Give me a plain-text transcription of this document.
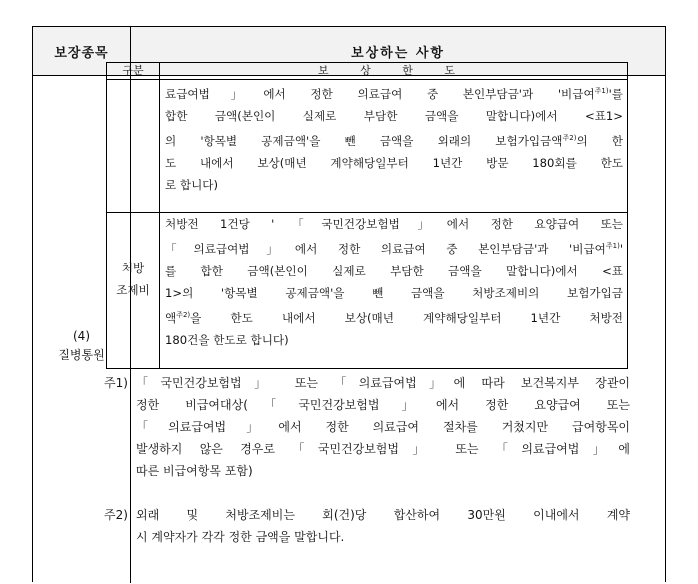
보장종목	보상하는 사항
(4)
질병통원
구분	보 상 한 도
료급여법」에서 정한 의료급여 중 본인부담금'과 '비급여$^{주1)}$'를
합한 금액(본인이 실제로 부담한 금액을 말합니다)에서 <표1>
의 '항목별 공제금액'을 뺀 금액을 외래의 보험가입금액$^{주2)}$의 한
도 내에서 보상(매년 계약해당일부터 1년간 방문 180회를 한도
로 합니다)
처방
조제비
처방전 1건당 '「국민건강보험법」에서 정한 요양급여 또는
「의료급여법」에서 정한 의료급여 중 본인부담금'과 '비급여$^{주1)}$'
를 합한 금액(본인이 실제로 부담한 금액을 말합니다)에서 <표
1>의 '항목별 공제금액'을 뺀 금액을 처방조제비의 보험가입금
액$^{주2)}$을 한도 내에서 보상(매년 계약해당일부터 1년간 처방전
180건을 한도로 합니다)
주1) 「국민건강보험법」 또는 「의료급여법」에 따라 보건복지부 장관이
정한 비급여대상(「국민건강보험법」에서 정한 요양급여 또는
「의료급여법」에서 정한 의료급여 절차를 거쳤지만 급여항목이
발생하지 않은 경우로 「국민건강보험법」 또는 「의료급여법」에
따른 비급여항목 포함)
주2) 외래 및 처방조제비는 회(건)당 합산하여 30만원 이내에서 계약
시 계약자가 각각 정한 금액을 말합니다.
